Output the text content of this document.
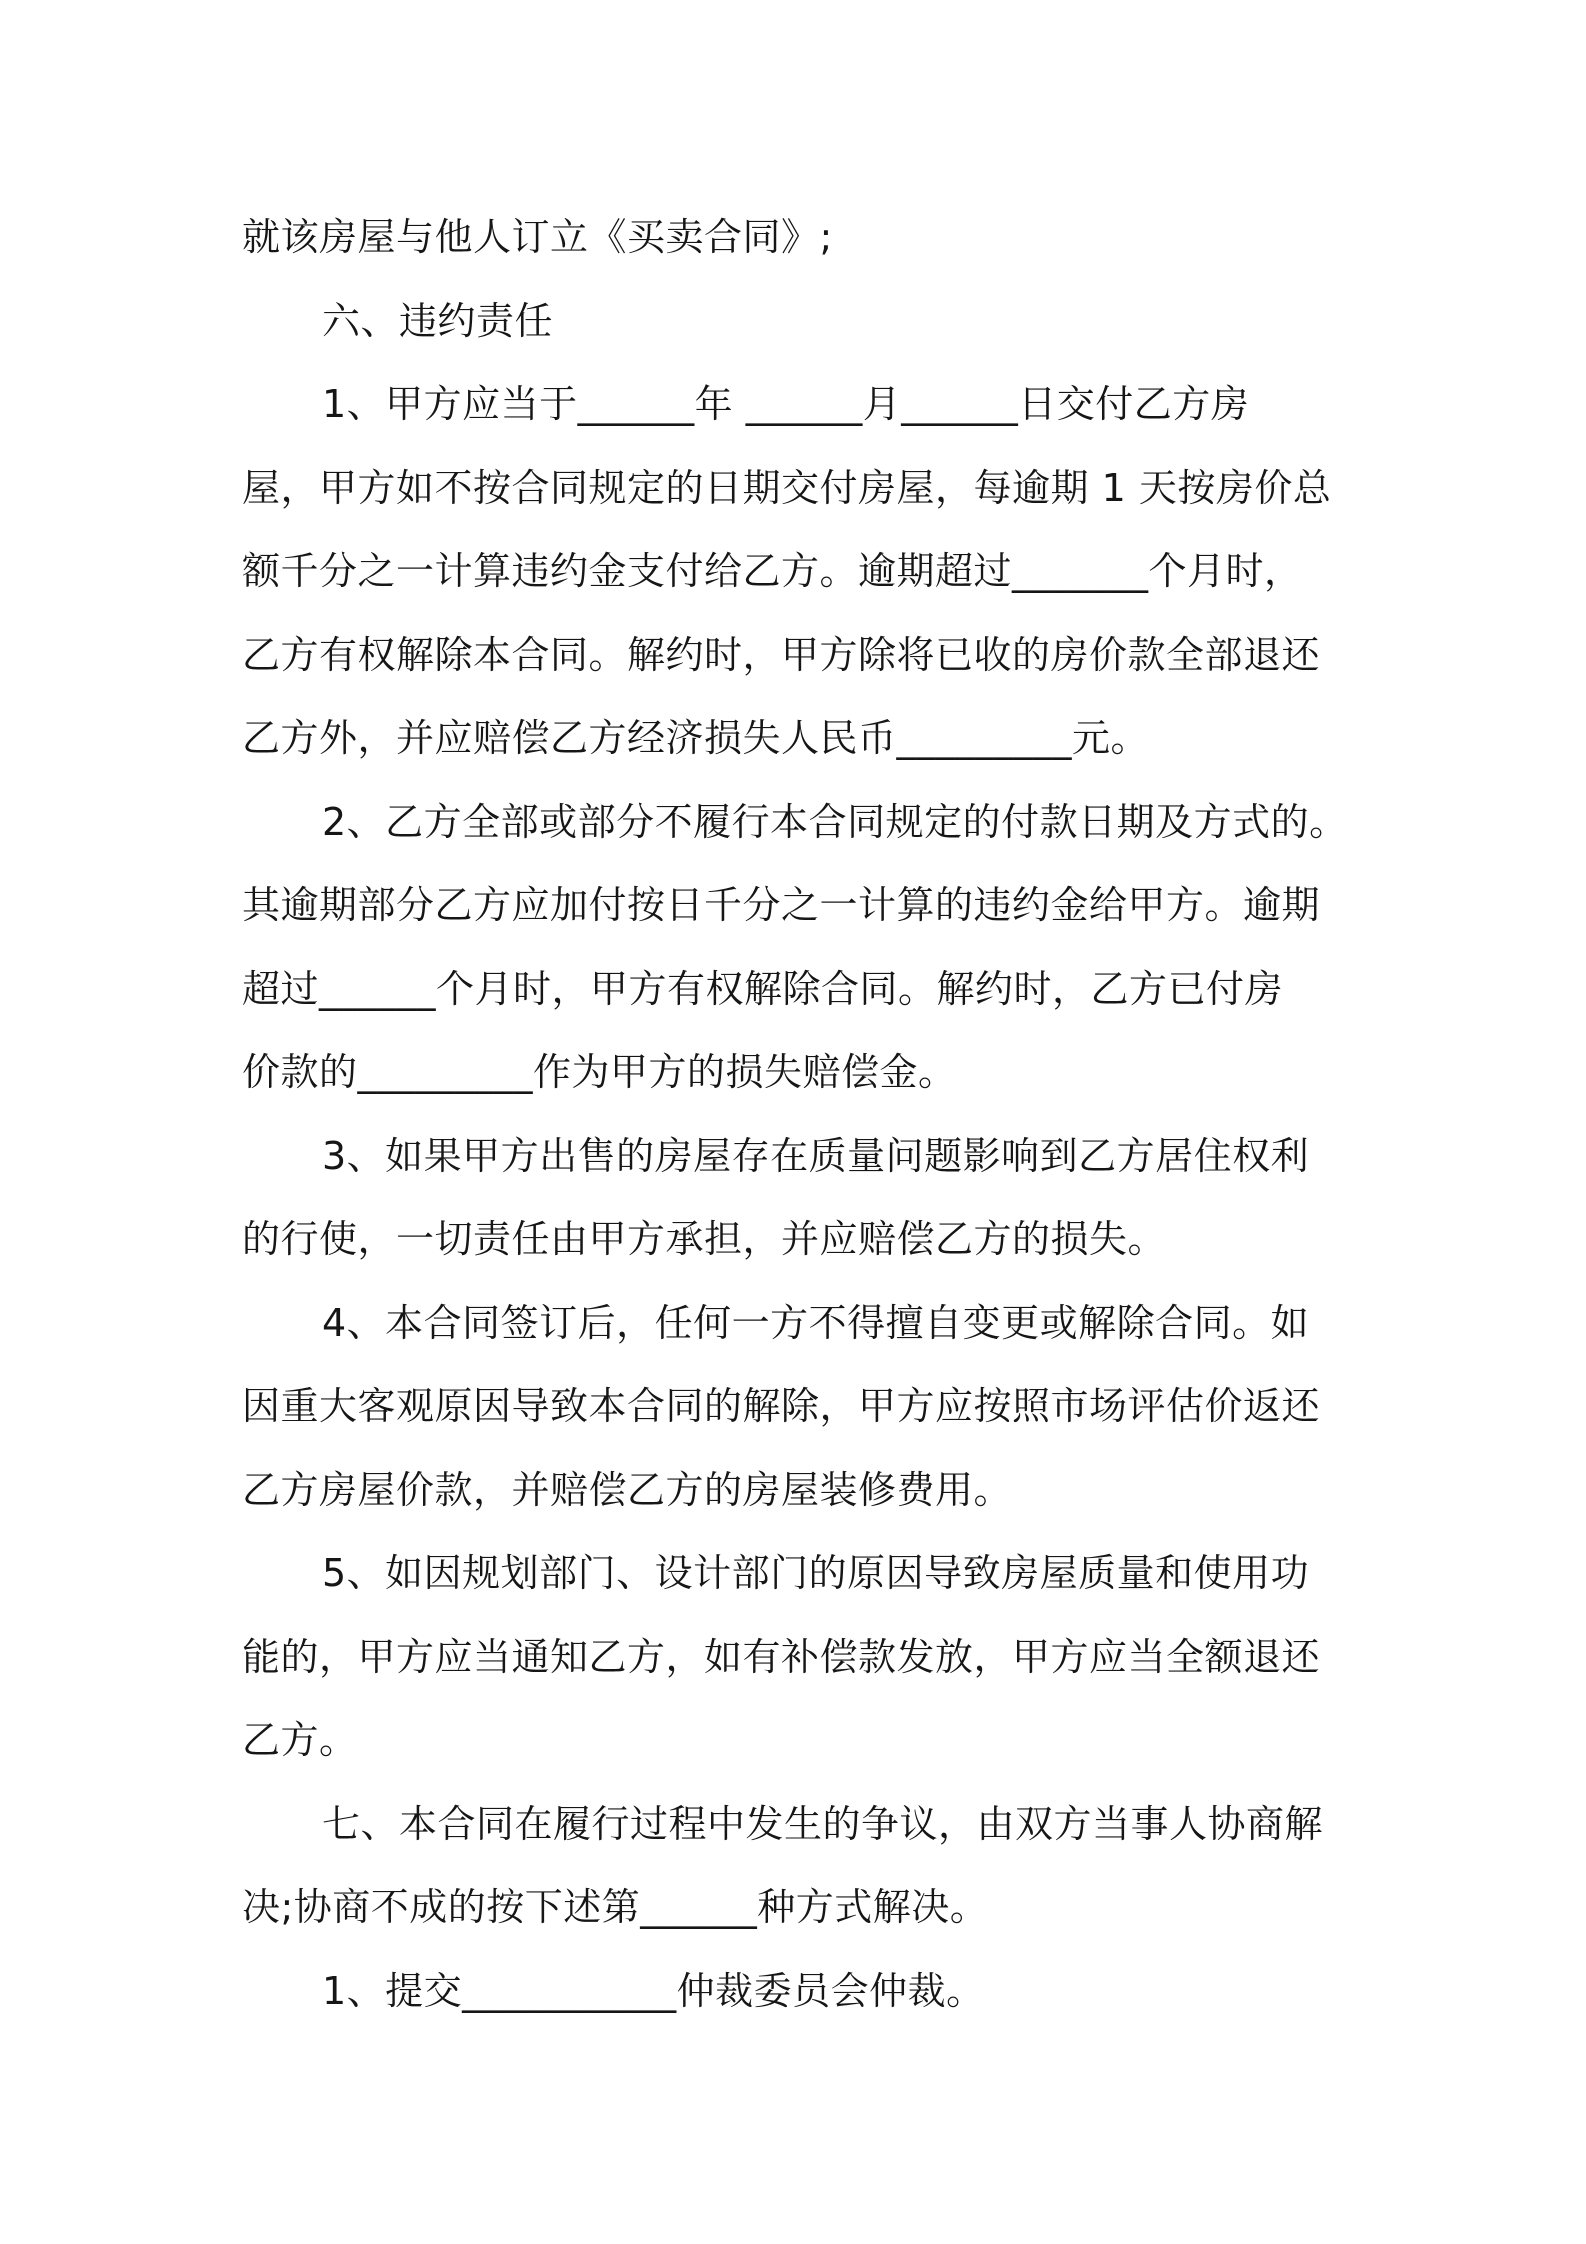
就该房屋与他人订立《买卖合同》;
六、违约责任
1、甲方应当于______年 ______月______日交付乙方房
屋，甲方如不按合同规定的日期交付房屋，每逾期 1 天按房价总
额千分之一计算违约金支付给乙方。逾期超过_______个月时，
乙方有权解除本合同。解约时，甲方除将已收的房价款全部退还
乙方外，并应赔偿乙方经济损失人民币_________元。
2、乙方全部或部分不履行本合同规定的付款日期及方式的。
其逾期部分乙方应加付按日千分之一计算的违约金给甲方。逾期
超过______个月时，甲方有权解除合同。解约时，乙方已付房
价款的_________作为甲方的损失赔偿金。
3、如果甲方出售的房屋存在质量问题影响到乙方居住权利
的行使，一切责任由甲方承担，并应赔偿乙方的损失。
4、本合同签订后，任何一方不得擅自变更或解除合同。如
因重大客观原因导致本合同的解除，甲方应按照市场评估价返还
乙方房屋价款，并赔偿乙方的房屋装修费用。
5、如因规划部门、设计部门的原因导致房屋质量和使用功
能的，甲方应当通知乙方，如有补偿款发放，甲方应当全额退还
乙方。
七、本合同在履行过程中发生的争议，由双方当事人协商解
决;协商不成的按下述第______种方式解决。
1、提交___________仲裁委员会仲裁。
